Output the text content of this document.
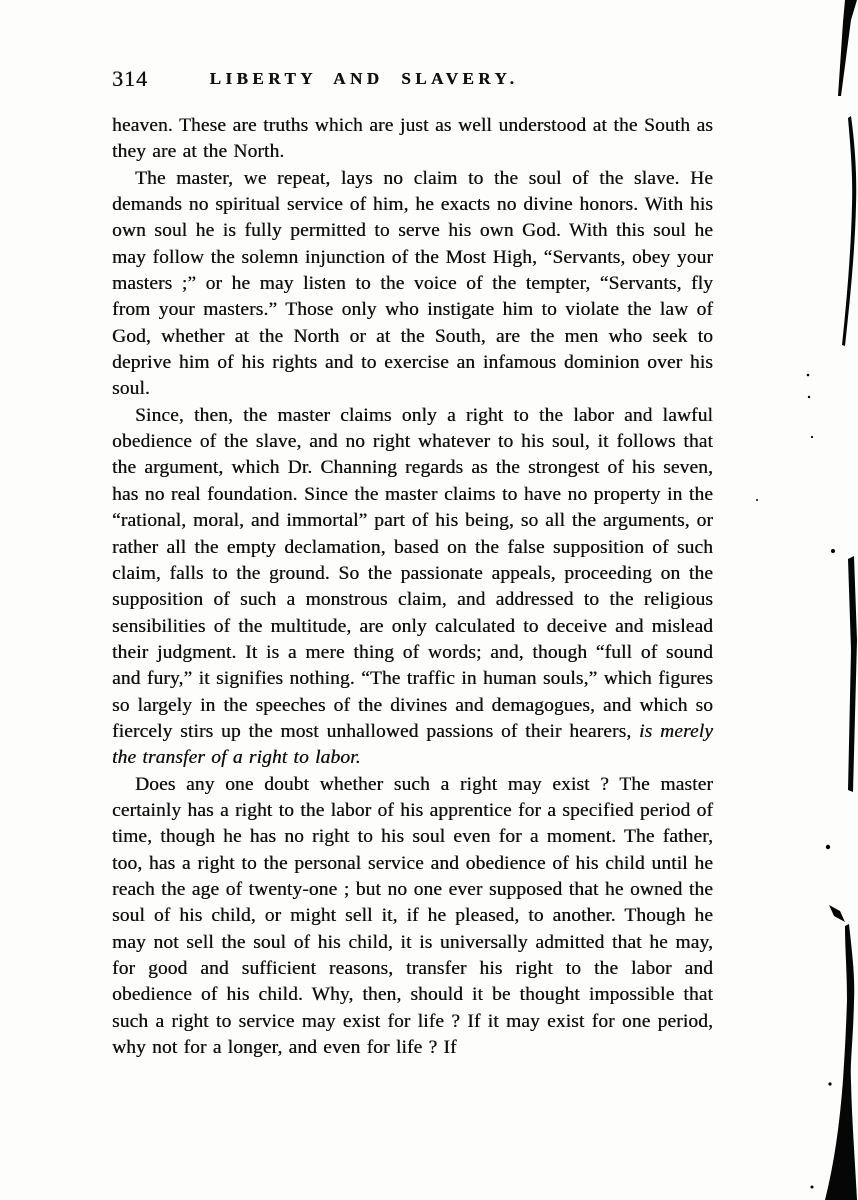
314	LIBERTY AND SLAVERY.

heaven. These are truths which are just as well understood at the South as they are at the North.

The master, we repeat, lays no claim to the soul of the slave. He demands no spiritual service of him, he exacts no divine honors. With his own soul he is fully permitted to serve his own God. With this soul he may follow the solemn injunction of the Most High, “Servants, obey your masters ;” or he may listen to the voice of the tempter, “Servants, fly from your masters.” Those only who instigate him to violate the law of God, whether at the North or at the South, are the men who seek to deprive him of his rights and to exercise an infamous dominion over his soul.

Since, then, the master claims only a right to the labor and lawful obedience of the slave, and no right whatever to his soul, it follows that the argument, which Dr. Channing regards as the strongest of his seven, has no real foundation. Since the master claims to have no property in the “rational, moral, and immortal” part of his being, so all the arguments, or rather all the empty declamation, based on the false supposition of such claim, falls to the ground. So the passionate appeals, proceeding on the supposition of such a monstrous claim, and addressed to the religious sensibilities of the multitude, are only calculated to deceive and mislead their judgment. It is a mere thing of words; and, though “full of sound and fury,” it signifies nothing. “The traffic in human souls,” which figures so largely in the speeches of the divines and demagogues, and which so fiercely stirs up the most unhallowed passions of their hearers, is merely the transfer of a right to labor.

Does any one doubt whether such a right may exist ? The master certainly has a right to the labor of his apprentice for a specified period of time, though he has no right to his soul even for a moment. The father, too, has a right to the personal service and obedience of his child until he reach the age of twenty-one ; but no one ever supposed that he owned the soul of his child, or might sell it, if he pleased, to another. Though he may not sell the soul of his child, it is universally admitted that he may, for good and sufficient reasons, transfer his right to the labor and obedience of his child. Why, then, should it be thought impossible that such a right to service may exist for life ? If it may exist for one period, why not for a longer, and even for life ? If
